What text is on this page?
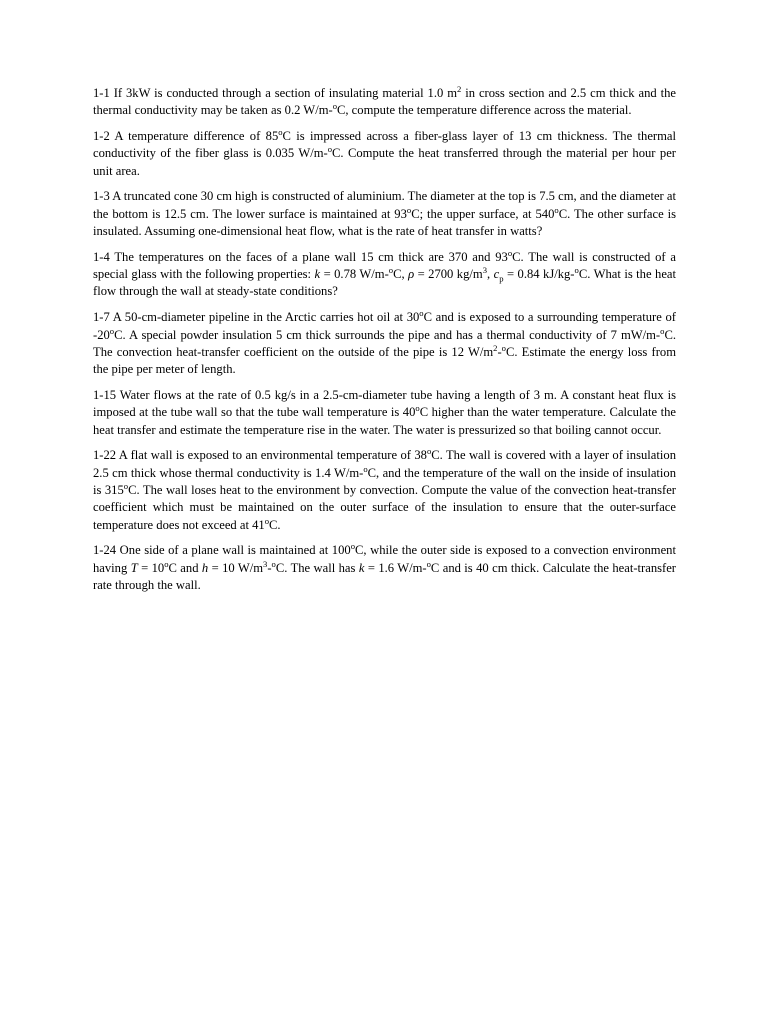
1-1 If 3kW is conducted through a section of insulating material 1.0 $m^2$ in cross section and 2.5 cm thick and the thermal conductivity may be taken as 0.2 W/m-$^o$C, compute the temperature difference across the material.

1-2 A temperature difference of 85$^o$C is impressed across a fiber-glass layer of 13 cm thickness. The thermal conductivity of the fiber glass is 0.035 W/m-$^o$C. Compute the heat transferred through the material per hour per unit area.

1-3 A truncated cone 30 cm high is constructed of aluminium. The diameter at the top is 7.5 cm, and the diameter at the bottom is 12.5 cm. The lower surface is maintained at 93$^o$C; the upper surface, at 540$^o$C. The other surface is insulated. Assuming one-dimensional heat flow, what is the rate of heat transfer in watts?

1-4 The temperatures on the faces of a plane wall 15 cm thick are 370 and 93$^o$C. The wall is constructed of a special glass with the following properties: k = 0.78 W/m-$^o$C, ρ = 2700 $kg/m^3$, $c_p = 0.84$ kJ/kg-$^o$C. What is the heat flow through the wall at steady-state conditions?

1-7 A 50-cm-diameter pipeline in the Arctic carries hot oil at 30$^o$C and is exposed to a surrounding temperature of -20$^o$C. A special powder insulation 5 cm thick surrounds the pipe and has a thermal conductivity of 7 mW/m-$^o$C. The convection heat-transfer coefficient on the outside of the pipe is 12 $W/m^2-^oC$. Estimate the energy loss from the pipe per meter of length.

1-15 Water flows at the rate of 0.5 kg/s in a 2.5-cm-diameter tube having a length of 3 m. A constant heat flux is imposed at the tube wall so that the tube wall temperature is 40$^o$C higher than the water temperature. Calculate the heat transfer and estimate the temperature rise in the water. The water is pressurized so that boiling cannot occur.

1-22 A flat wall is exposed to an environmental temperature of 38$^o$C. The wall is covered with a layer of insulation 2.5 cm thick whose thermal conductivity is 1.4 W/m-$^o$C, and the temperature of the wall on the inside of insulation is 315$^o$C. The wall loses heat to the environment by convection. Compute the value of the convection heat-transfer coefficient which must be maintained on the outer surface of the insulation to ensure that the outer-surface temperature does not exceed at 41$^o$C.

1-24 One side of a plane wall is maintained at 100$^o$C, while the outer side is exposed to a convection environment having $T = 10^oC$ and h = 10 $W/m^3-^oC$. The wall has k = 1.6 W/m-$^o$C and is 40 cm thick. Calculate the heat-transfer rate through the wall.
